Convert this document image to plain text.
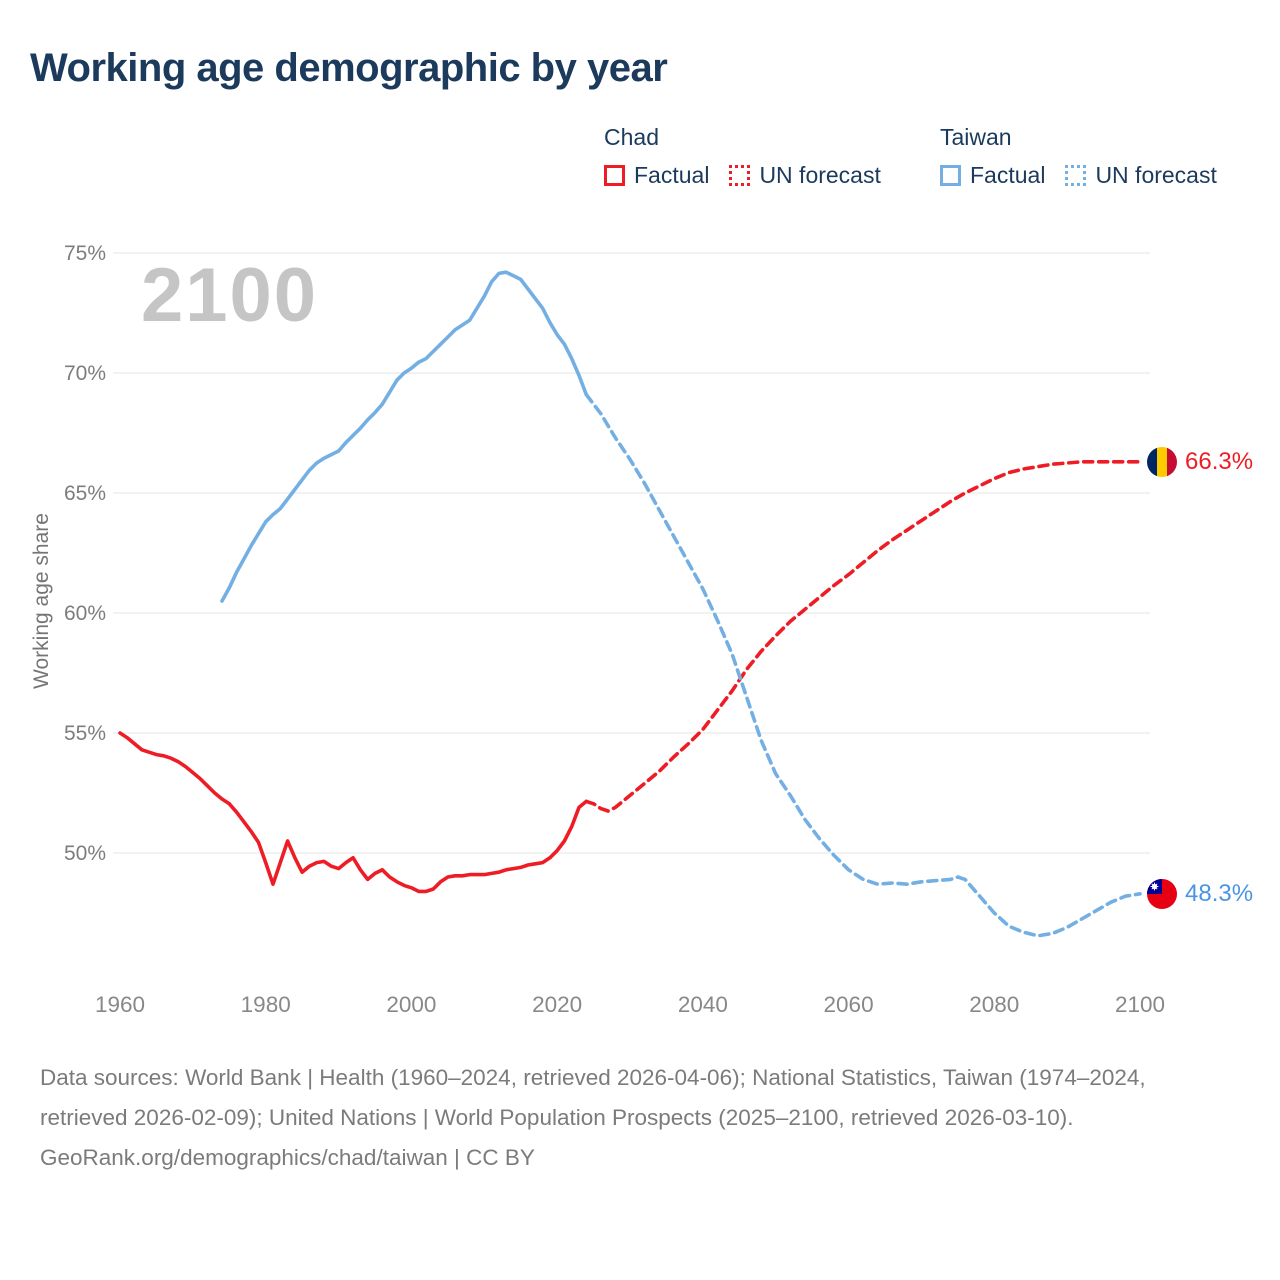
Working age demographic by year
Chad
Factual UN forecast
Taiwan
Factual UN forecast
2100
Working age share
75%
70%
65%
60%
55%
50%
1960	1980	2000	2020	2040	2060	2080	2100
66.3%
48.3%

Data sources: World Bank | Health (1960–2024, retrieved 2026-04-06); National Statistics, Taiwan (1974–2024, retrieved 2026-02-09); United Nations | World Population Prospects (2025–2100, retrieved 2026-03-10).

GeoRank.org/demographics/chad/taiwan | CC BY
